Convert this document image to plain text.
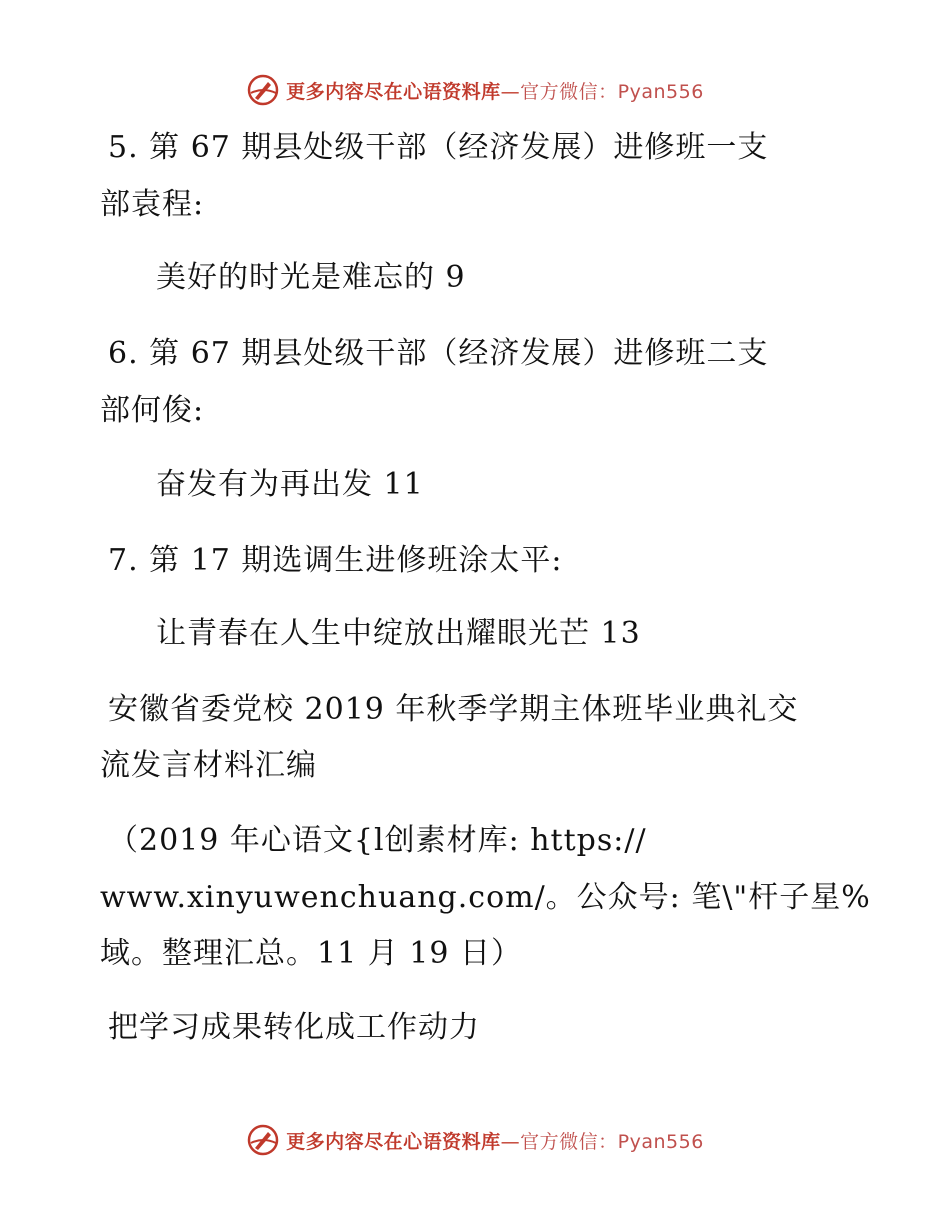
更多内容尽在心语资料库—官方微信：Pyan556
5. 第 67 期县处级干部（经济发展）进修班一支
部袁程:
美好的时光是难忘的 9
6. 第 67 期县处级干部（经济发展）进修班二支
部何俊:
奋发有为再出发 11
7. 第 17 期选调生进修班涂太平:
让青春在人生中绽放出耀眼光芒 13
安徽省委党校 2019 年秋季学期主体班毕业典礼交
流发言材料汇编
（2019 年心语文{l创素材库: https://
www.xinyuwenchuang.com/。公众号: 笔\"杆子星%
域。整理汇总。11 月 19 日）
把学习成果转化成工作动力
更多内容尽在心语资料库—官方微信：Pyan556
